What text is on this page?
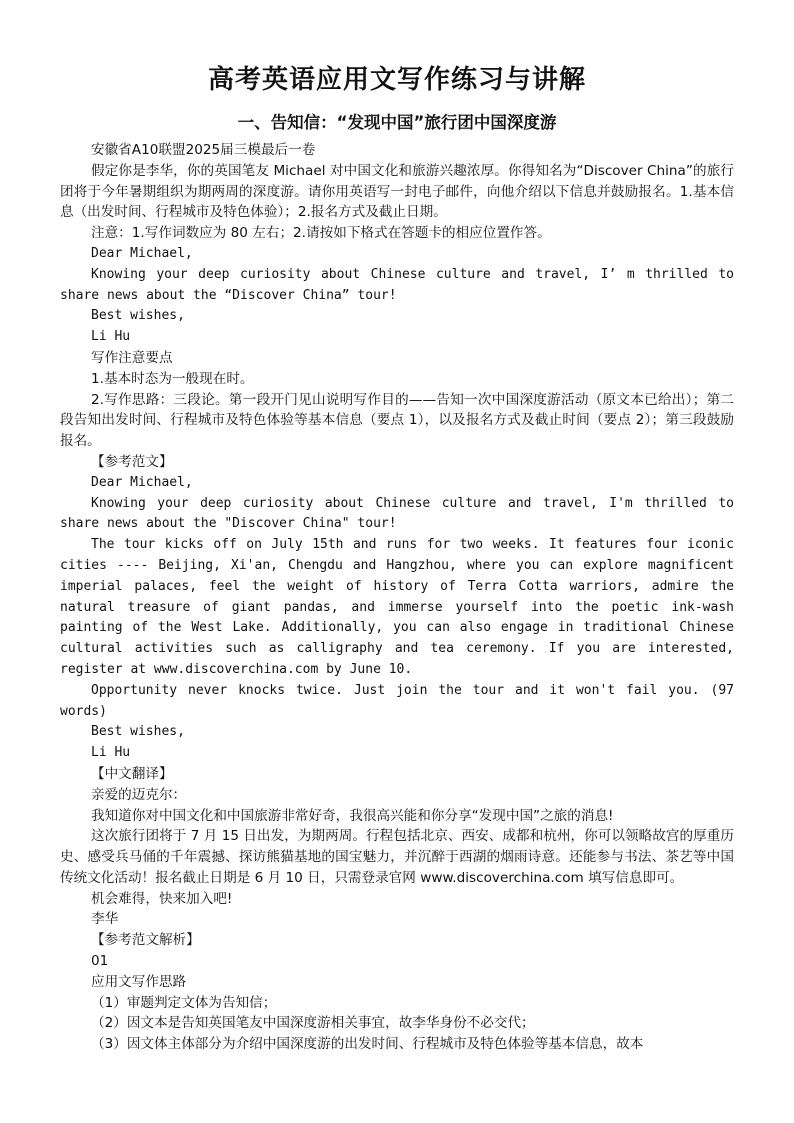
高考英语应用文写作练习与讲解
一、告知信：“发现中国”旅行团中国深度游

安徽省A10联盟2025届三模最后一卷

假定你是李华，你的英国笔友 Michael 对中国文化和旅游兴趣浓厚。你得知名为“Discover China”的旅行团将于今年暑期组织为期两周的深度游。请你用英语写一封电子邮件，向他介绍以下信息并鼓励报名。1.基本信息（出发时间、行程城市及特色体验）；2.报名方式及截止日期。

注意：1.写作词数应为 80 左右；2.请按如下格式在答题卡的相应位置作答。

Dear Michael,

Knowing your deep curiosity about Chinese culture and travel, I’ m thrilled to share news about the “Discover China” tour!

Best wishes,

Li Hu

写作注意要点

1.基本时态为一般现在时。

2.写作思路：三段论。第一段开门见山说明写作目的——告知一次中国深度游活动（原文本已给出）；第二段告知出发时间、行程城市及特色体验等基本信息（要点 1），以及报名方式及截止时间（要点 2）；第三段鼓励报名。

【参考范文】

Dear Michael,

Knowing your deep curiosity about Chinese culture and travel, I'm thrilled to share news about the "Discover China" tour!

The tour kicks off on July 15th and runs for two weeks. It features four iconic cities ---- Beijing, Xi'an, Chengdu and Hangzhou, where you can explore magnificent imperial palaces, feel the weight of history of Terra Cotta warriors, admire the natural treasure of giant pandas, and immerse yourself into the poetic ink-wash painting of the West Lake. Additionally, you can also engage in traditional Chinese cultural activities such as calligraphy and tea ceremony. If you are interested, register at www.discoverchina.com by June 10.

Opportunity never knocks twice. Just join the tour and it won't fail you. (97 words)

Best wishes,

Li Hu

【中文翻译】

亲爱的迈克尔：

我知道你对中国文化和中国旅游非常好奇，我很高兴能和你分享“发现中国”之旅的消息!

这次旅行团将于 7 月 15 日出发，为期两周。行程包括北京、西安、成都和杭州，你可以领略故宫的厚重历史、感受兵马俑的千年震撼、探访熊猫基地的国宝魅力，并沉醉于西湖的烟雨诗意。还能参与书法、茶艺等中国传统文化活动！报名截止日期是 6 月 10 日，只需登录官网 www.discoverchina.com 填写信息即可。

机会难得，快来加入吧!

李华

【参考范文解析】

01

应用文写作思路

（1）审题判定文体为告知信；

（2）因文本是告知英国笔友中国深度游相关事宜，故李华身份不必交代；

（3）因文体主体部分为介绍中国深度游的出发时间、行程城市及特色体验等基本信息，故本
